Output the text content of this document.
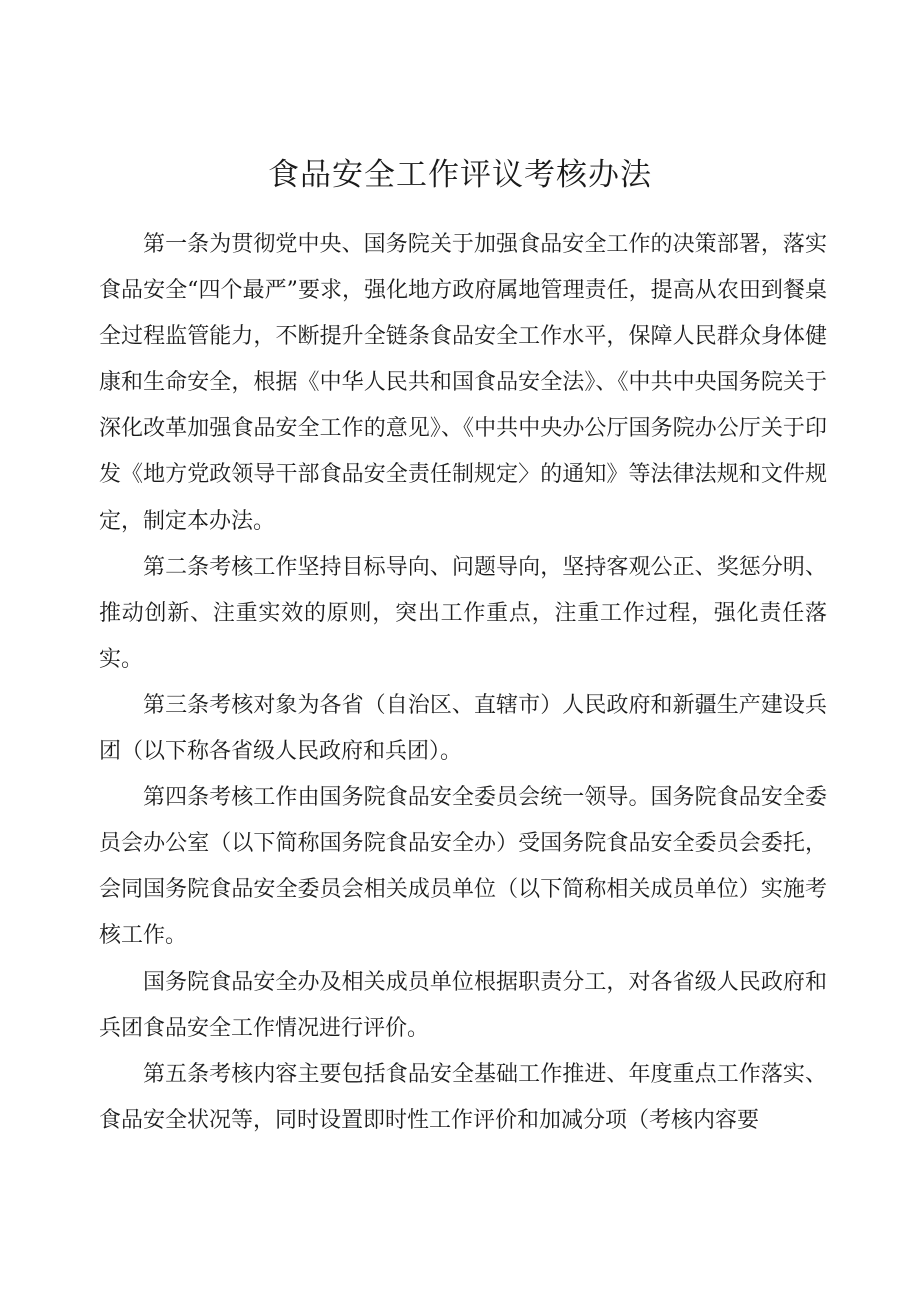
食品安全工作评议考核办法

第一条为贯彻党中央、国务院关于加强食品安全工作的决策部署，落实食品安全“四个最严”要求，强化地方政府属地管理责任，提高从农田到餐桌全过程监管能力，不断提升全链条食品安全工作水平，保障人民群众身体健康和生命安全，根据《中华人民共和国食品安全法》、《中共中央国务院关于深化改革加强食品安全工作的意见》、《中共中央办公厅国务院办公厅关于印发《地方党政领导干部食品安全责任制规定〉的通知》等法律法规和文件规定，制定本办法。

第二条考核工作坚持目标导向、问题导向，坚持客观公正、奖惩分明、推动创新、注重实效的原则，突出工作重点，注重工作过程，强化责任落实。

第三条考核对象为各省（自治区、直辖市）人民政府和新疆生产建设兵团（以下称各省级人民政府和兵团）。

第四条考核工作由国务院食品安全委员会统一领导。国务院食品安全委员会办公室（以下简称国务院食品安全办）受国务院食品安全委员会委托，会同国务院食品安全委员会相关成员单位（以下简称相关成员单位）实施考核工作。

国务院食品安全办及相关成员单位根据职责分工，对各省级人民政府和兵团食品安全工作情况进行评价。

第五条考核内容主要包括食品安全基础工作推进、年度重点工作落实、食品安全状况等，同时设置即时性工作评价和加减分项（考核内容要
